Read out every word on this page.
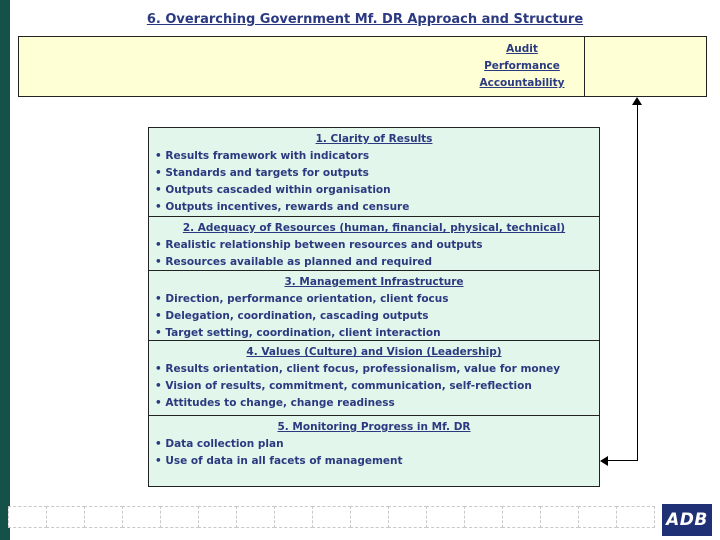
6. Overarching Government Mf. DR Approach and Structure
Audit
Performance
Accountability
1. Clarity of Results
• Results framework with indicators
• Standards and targets for outputs
• Outputs cascaded within organisation
• Outputs incentives, rewards and censure
2. Adequacy of Resources (human, financial, physical, technical)
• Realistic relationship between resources and outputs
• Resources available as planned and required
3. Management Infrastructure
• Direction, performance orientation, client focus
• Delegation, coordination, cascading outputs
• Target setting, coordination, client interaction
4. Values (Culture) and Vision (Leadership)
• Results orientation, client focus, professionalism, value for money
• Vision of results, commitment, communication, self-reflection
• Attitudes to change, change readiness
5. Monitoring Progress in Mf. DR
• Data collection plan
• Use of data in all facets of management
ADB
